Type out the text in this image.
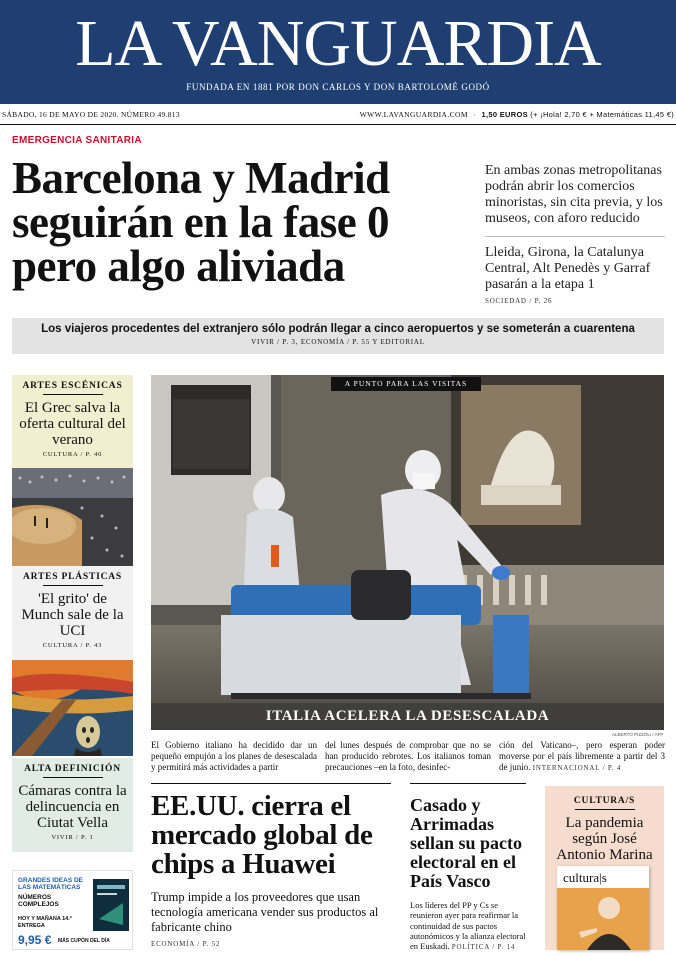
LA VANGUARDIA
FUNDADA EN 1881 POR DON CARLOS Y DON BARTOLOMÉ GODÓ
SÁBADO, 16 DE MAYO DE 2020. NÚMERO 49.813	WWW.LAVANGUARDIA.COM · 1,50 EUROS (+ ¡Hola! 2,70 € + Matemáticas 11,45 €)
EMERGENCIA SANITARIA
Barcelona y Madrid seguirán en la fase 0 pero algo aliviada
En ambas zonas metropolitanas podrán abrir los comercios minoristas, sin cita previa, y los museos, con aforo reducido
Lleida, Girona, la Catalunya Central, Alt Penedès y Garraf pasarán a la etapa 1
SOCIEDAD / P. 26
Los viajeros procedentes del extranjero sólo podrán llegar a cinco aeropuertos y se someterán a cuarentena
VIVIR / P. 3, ECONOMÍA / P. 55 Y EDITORIAL
ARTES ESCÉNICAS
El Grec salva la oferta cultural del verano
CULTURA / P. 40
ARTES PLÁSTICAS
'El grito' de Munch sale de la UCI
CULTURA / P. 43
ALTA DEFINICIÓN
Cámaras contra la delincuencia en Ciutat Vella
VIVIR / P. 1
GRANDES IDEAS DE LAS MATEMÁTICAS
NÚMEROS COMPLEJOS
HOY Y MAÑANA 14.ª ENTREGA
9,95 € MÁS CUPÓN DEL DÍA
A PUNTO PARA LAS VISITAS
ITALIA ACELERA LA DESESCALADA
ALBERTO PIZZOLI / AFP
El Gobierno italiano ha decidido dar un pequeño empujón a los planes de desescalada y permitirá más actividades a partir
del lunes después de comprobar que no se han producido rebrotes. Los italianos toman precauciones –en la foto, desinfec-
ción del Vaticano–, pero esperan poder moverse por el país libremente a partir del 3 de junio. INTERNACIONAL / P. 4
EE.UU. cierra el mercado global de chips a Huawei
Trump impide a los proveedores que usan tecnología americana vender sus productos al fabricante chino
ECONOMÍA / P. 52
Casado y Arrimadas sellan su pacto electoral en el País Vasco
Los líderes del PP y Cs se reunieron ayer para reafirmar la continuidad de sus pactos autonómicos y la alianza electoral en Euskadi. POLÍTICA / P. 14
CULTURA/S
La pandemia según José Antonio Marina
cultura|s
